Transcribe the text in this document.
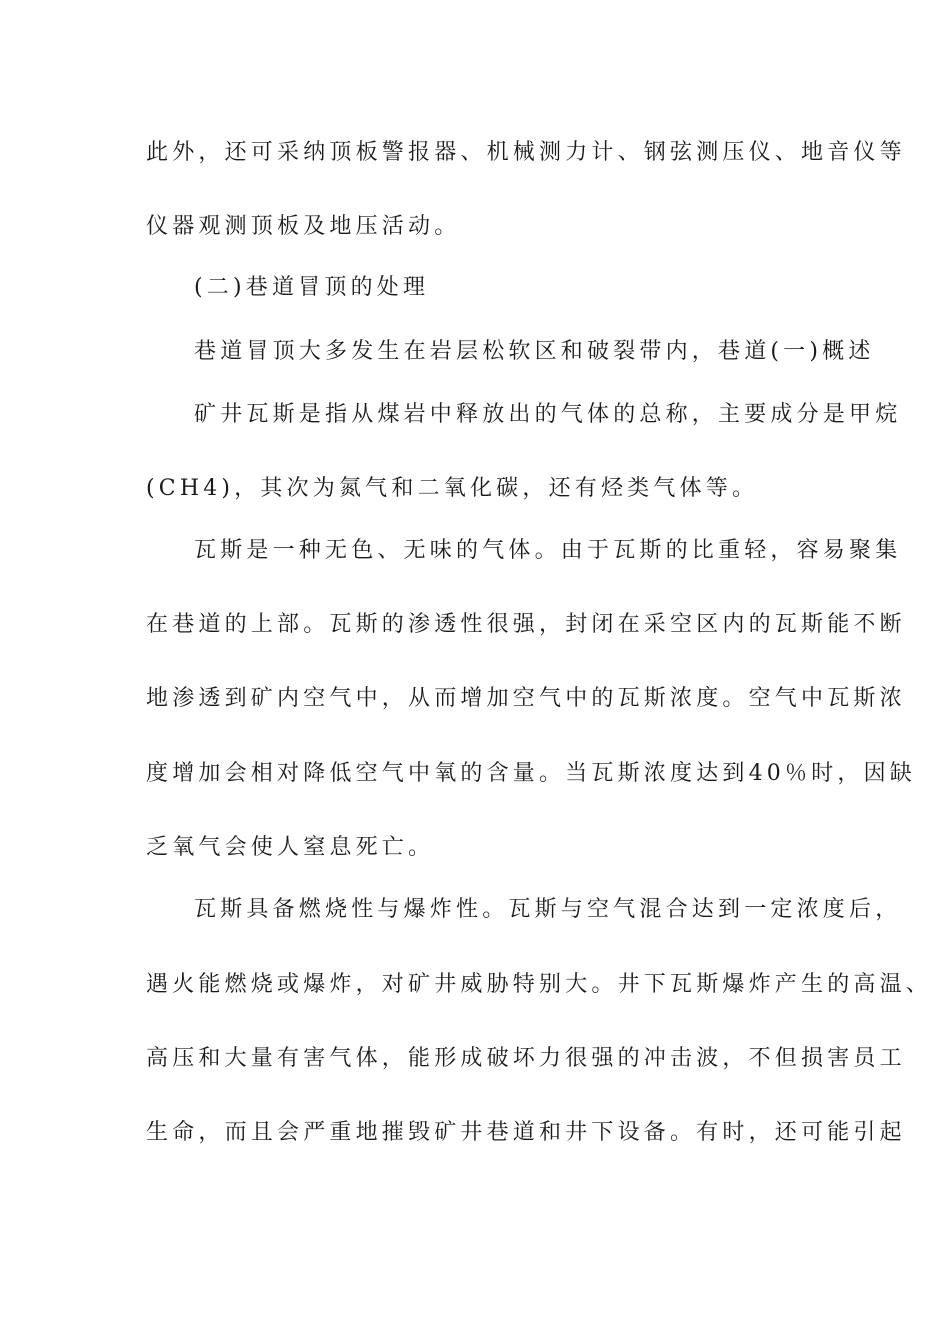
此外，还可采纳顶板警报器、机械测力计、钢弦测压仪、地音仪等
仪器观测顶板及地压活动。
(二)巷道冒顶的处理
巷道冒顶大多发生在岩层松软区和破裂带内，巷道(一)概述
矿井瓦斯是指从煤岩中释放出的气体的总称，主要成分是甲烷
(CH4)，其次为氮气和二氧化碳，还有烃类气体等。
瓦斯是一种无色、无味的气体。由于瓦斯的比重轻，容易聚集
在巷道的上部。瓦斯的渗透性很强，封闭在采空区内的瓦斯能不断
地渗透到矿内空气中，从而增加空气中的瓦斯浓度。空气中瓦斯浓
度增加会相对降低空气中氧的含量。当瓦斯浓度达到40％时，因缺
乏氧气会使人窒息死亡。
瓦斯具备燃烧性与爆炸性。瓦斯与空气混合达到一定浓度后，
遇火能燃烧或爆炸，对矿井威胁特别大。井下瓦斯爆炸产生的高温、
高压和大量有害气体，能形成破坏力很强的冲击波，不但损害员工
生命，而且会严重地摧毁矿井巷道和井下设备。有时，还可能引起
